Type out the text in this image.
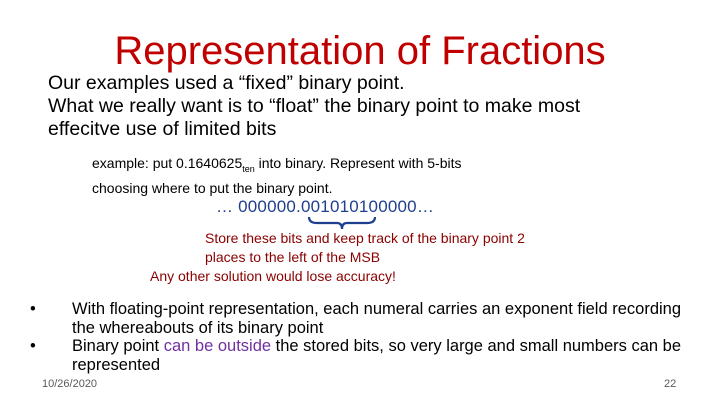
Representation of Fractions
Our examples used a “fixed” binary point.
What we really want is to “float” the binary point to make most
effecitve use of limited bits
example: put $0.1640625_{ten}$ into binary. Represent with 5-bits
choosing where to put the binary point.
… 000000.001010100000…
Store these bits and keep track of the binary point 2
places to the left of the MSB
Any other solution would lose accuracy!
•	With floating-point representation, each numeral carries an exponent field recording the whereabouts of its binary point
•	Binary point can be outside the stored bits, so very large and small numbers can be represented
10/26/2020	22
